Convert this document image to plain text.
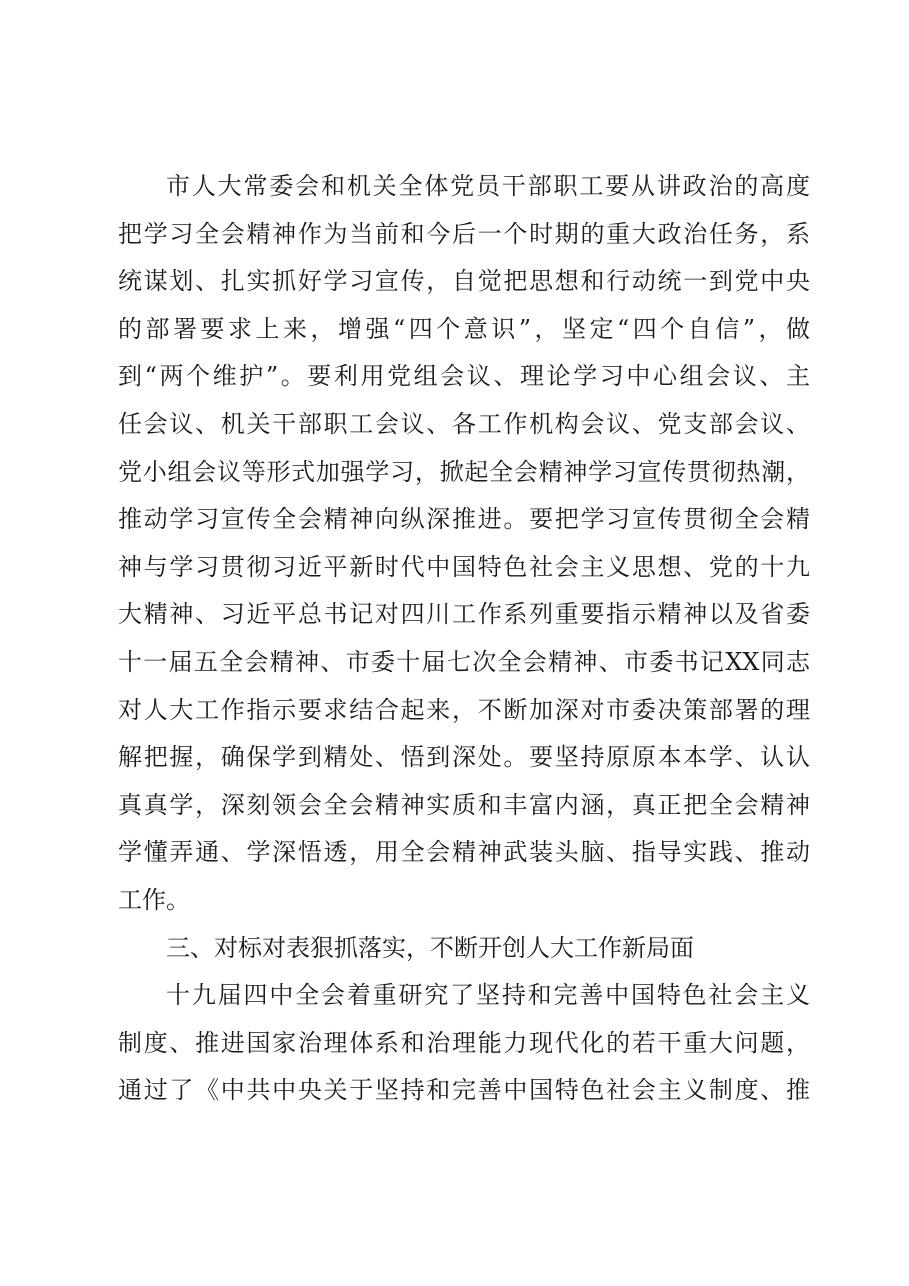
市人大常委会和机关全体党员干部职工要从讲政治的高度
把学习全会精神作为当前和今后一个时期的重大政治任务，系
统谋划、扎实抓好学习宣传，自觉把思想和行动统一到党中央
的部署要求上来，增强“四个意识”，坚定“四个自信”，做
到“两个维护”。要利用党组会议、理论学习中心组会议、主
任会议、机关干部职工会议、各工作机构会议、党支部会议、
党小组会议等形式加强学习，掀起全会精神学习宣传贯彻热潮，
推动学习宣传全会精神向纵深推进。要把学习宣传贯彻全会精
神与学习贯彻习近平新时代中国特色社会主义思想、党的十九
大精神、习近平总书记对四川工作系列重要指示精神以及省委
十一届五全会精神、市委十届七次全会精神、市委书记XX同志
对人大工作指示要求结合起来，不断加深对市委决策部署的理
解把握，确保学到精处、悟到深处。要坚持原原本本学、认认
真真学，深刻领会全会精神实质和丰富内涵，真正把全会精神
学懂弄通、学深悟透，用全会精神武装头脑、指导实践、推动
工作。
三、对标对表狠抓落实，不断开创人大工作新局面
十九届四中全会着重研究了坚持和完善中国特色社会主义
制度、推进国家治理体系和治理能力现代化的若干重大问题，
通过了《中共中央关于坚持和完善中国特色社会主义制度、推
